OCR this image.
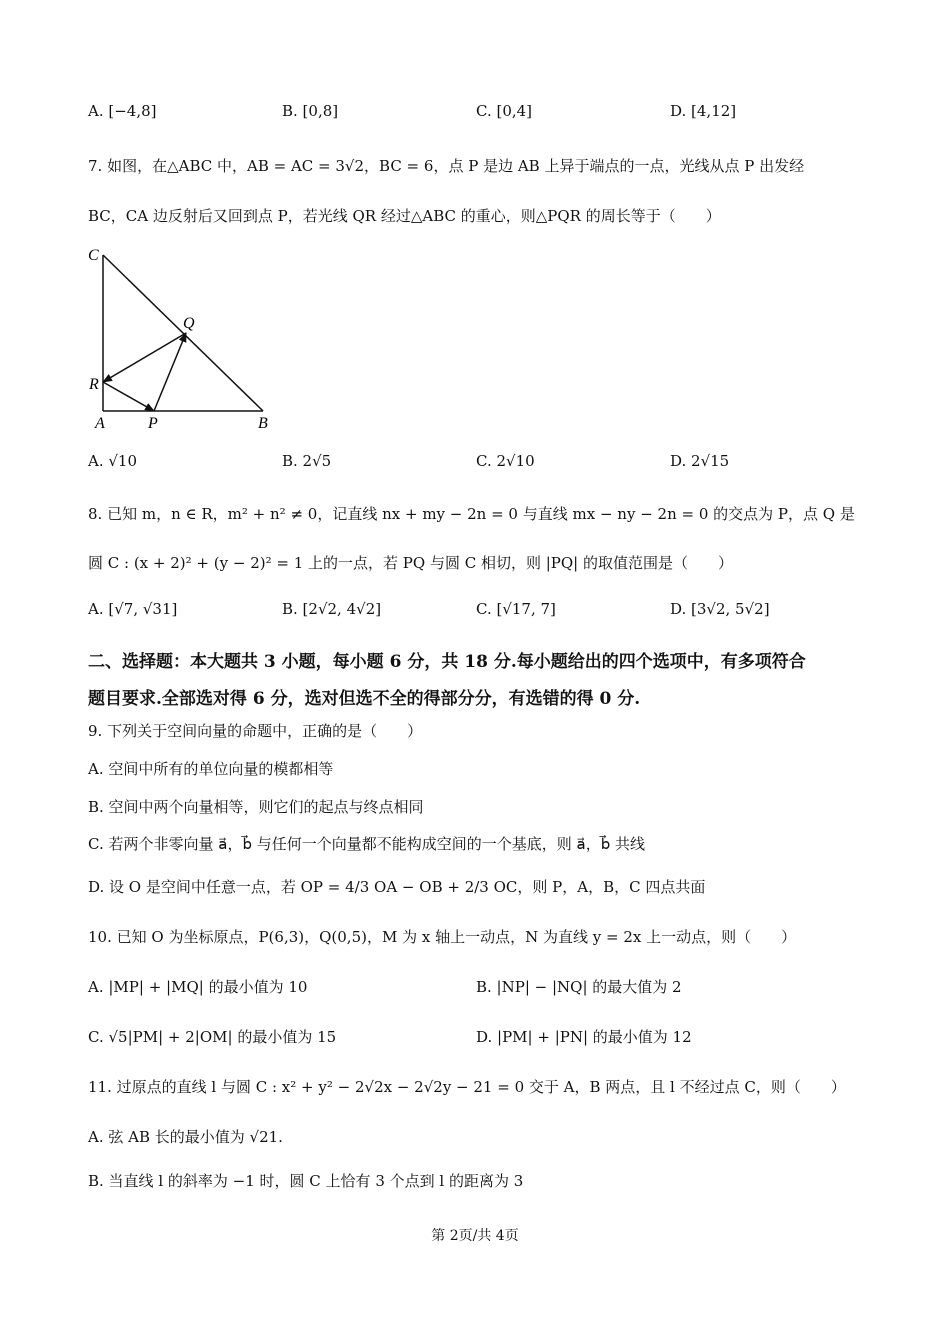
A. [−4,8]	B. [0,8]	C. [0,4]	D. [4,12]
7. 如图，在△ABC 中，AB = AC = 3√2，BC = 6，点 P 是边 AB 上异于端点的一点，光线从点 P 出发经
BC，CA 边反射后又回到点 P，若光线 QR 经过△ABC 的重心，则△PQR 的周长等于（　　）
C
Q
R
A	P	B
A. √10	B. 2√5	C. 2√10	D. 2√15
8. 已知 m，n ∈ R，m² + n² ≠ 0，记直线 nx + my − 2n = 0 与直线 mx − ny − 2n = 0 的交点为 P，点 Q 是
圆 C : (x + 2)² + (y − 2)² = 1 上的一点，若 PQ 与圆 C 相切，则 |PQ| 的取值范围是（　　）
A. [√7, √31]	B. [2√2, 4√2]	C. [√17, 7]	D. [3√2, 5√2]
二、选择题：本大题共 3 小题，每小题 6 分，共 18 分.每小题给出的四个选项中，有多项符合
题目要求.全部选对得 6 分，选对但选不全的得部分分，有选错的得 0 分.
9. 下列关于空间向量的命题中，正确的是（　　）
A. 空间中所有的单位向量的模都相等
B. 空间中两个向量相等，则它们的起点与终点相同
C. 若两个非零向量 a⃗，b⃗ 与任何一个向量都不能构成空间的一个基底，则 a⃗，b⃗ 共线
D. 设 O 是空间中任意一点，若 OP = 4/3 OA − OB + 2/3 OC，则 P，A，B，C 四点共面
10. 已知 O 为坐标原点，P(6,3)，Q(0,5)，M 为 x 轴上一动点，N 为直线 y = 2x 上一动点，则（　　）
A. |MP| + |MQ| 的最小值为 10	B. |NP| − |NQ| 的最大值为 2
C. √5|PM| + 2|OM| 的最小值为 15	D. |PM| + |PN| 的最小值为 12
11. 过原点的直线 l 与圆 C : x² + y² − 2√2x − 2√2y − 21 = 0 交于 A，B 两点，且 l 不经过点 C，则（　　）
A. 弦 AB 长的最小值为 √21.
B. 当直线 l 的斜率为 −1 时，圆 C 上恰有 3 个点到 l 的距离为 3
第 2页/共 4页
